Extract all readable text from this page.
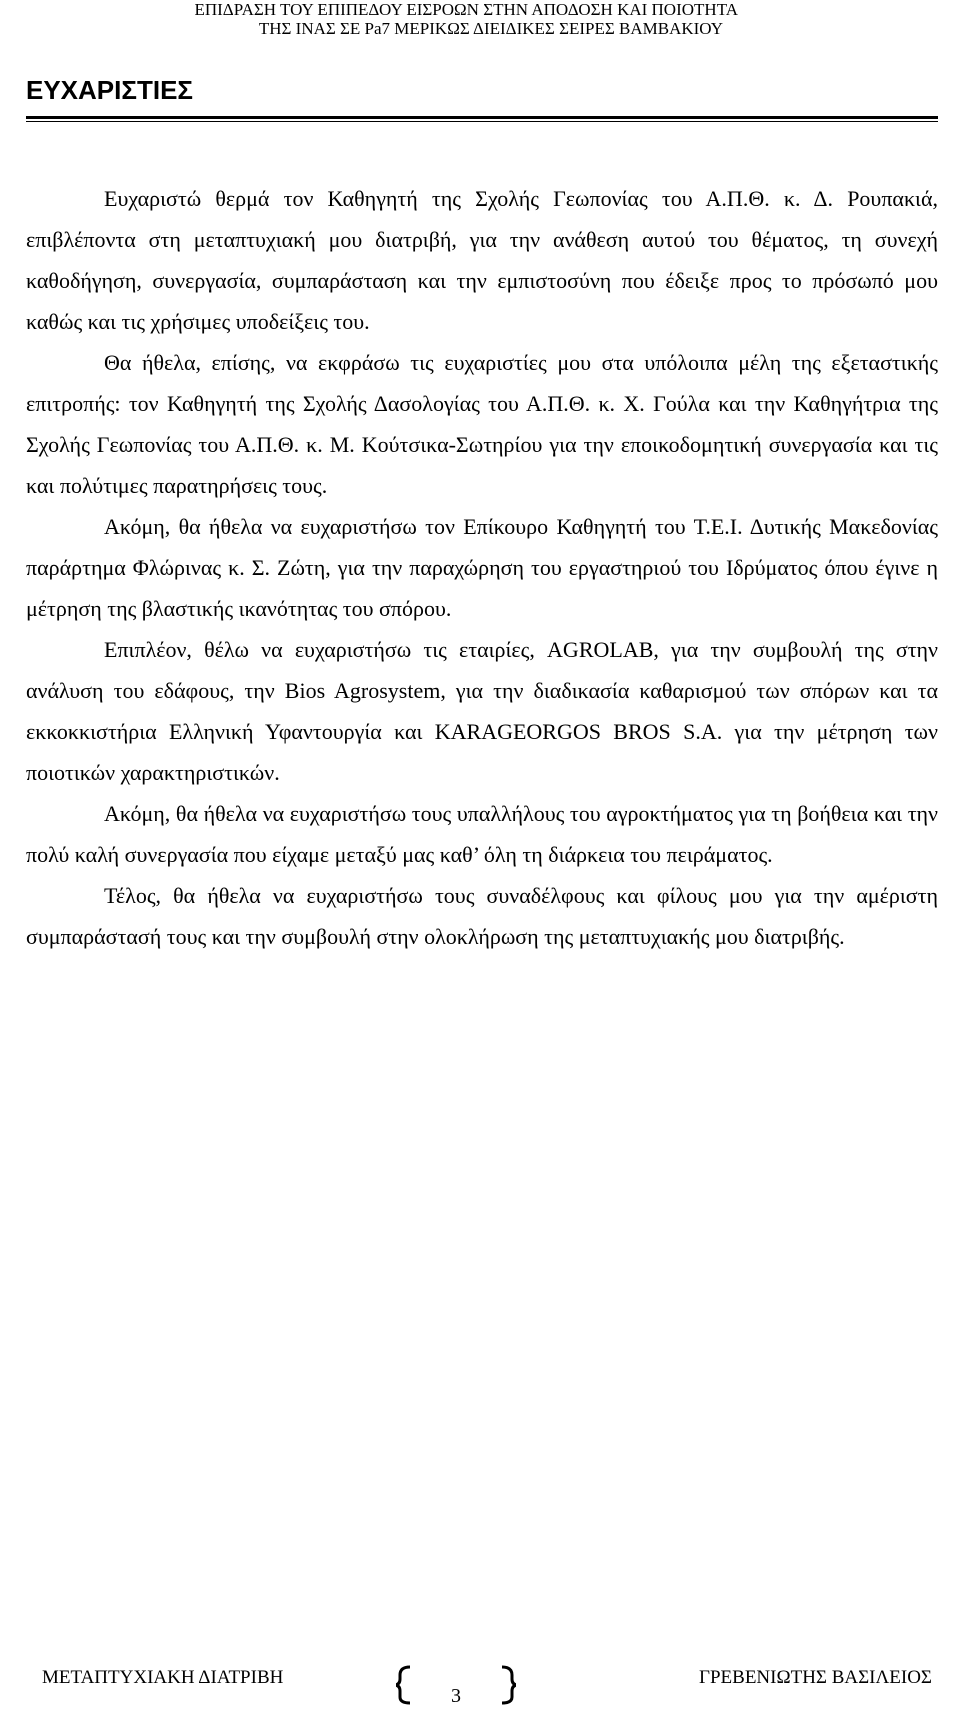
ΕΠΙΔΡΑΣΗ ΤΟΥ ΕΠΙΠΕΔΟΥ ΕΙΣΡΟΩΝ ΣΤΗΝ ΑΠΟΔΟΣΗ ΚΑΙ ΠΟΙΟΤΗΤΑ
ΤΗΣ ΙΝΑΣ ΣΕ Pa7 ΜΕΡΙΚΩΣ ΔΙΕΙΔΙΚΕΣ ΣΕΙΡΕΣ ΒΑΜΒΑΚΙΟΥ
ΕΥΧΑΡΙΣΤΙΕΣ

Ευχαριστώ θερμά τον Καθηγητή της Σχολής Γεωπονίας του Α.Π.Θ. κ. Δ. Ρουπακιά, επιβλέποντα στη μεταπτυχιακή μου διατριβή, για την ανάθεση αυτού του θέματος, τη συνεχή καθοδήγηση, συνεργασία, συμπαράσταση και την εμπιστοσύνη που έδειξε προς το πρόσωπό μου καθώς και τις χρήσιμες υποδείξεις του.

Θα ήθελα, επίσης, να εκφράσω τις ευχαριστίες μου στα υπόλοιπα μέλη της εξεταστικής επιτροπής: τον Καθηγητή της Σχολής Δασολογίας του Α.Π.Θ. κ. Χ. Γούλα και την Καθηγήτρια της Σχολής Γεωπονίας του Α.Π.Θ. κ. Μ. Κούτσικα-Σωτηρίου για την εποικοδομητική συνεργασία και τις και πολύτιμες παρατηρήσεις τους.

Ακόμη, θα ήθελα να ευχαριστήσω τον Επίκουρο Καθηγητή του Τ.Ε.Ι. Δυτικής Μακεδονίας παράρτημα Φλώρινας κ. Σ. Ζώτη, για την παραχώρηση του εργαστηριού του Ιδρύματος όπου έγινε η μέτρηση της βλαστικής ικανότητας του σπόρου.

Επιπλέον, θέλω να ευχαριστήσω τις εταιρίες, AGROLAB, για την συμβουλή της στην ανάλυση του εδάφους, την Bios Agrosystem, για την διαδικασία καθαρισμού των σπόρων και τα εκκοκκιστήρια Ελληνική Υφαντουργία και KARAGEORGOS BROS S.A. για την μέτρηση των ποιοτικών χαρακτηριστικών.

Ακόμη, θα ήθελα να ευχαριστήσω τους υπαλλήλους του αγροκτήματος για τη βοήθεια και την πολύ καλή συνεργασία που είχαμε μεταξύ μας καθ’ όλη τη διάρκεια του πειράματος.

Τέλος, θα ήθελα να ευχαριστήσω τους συναδέλφους και φίλους μου για την αμέριστη συμπαράστασή τους και την συμβουλή στην ολοκλήρωση της μεταπτυχιακής μου διατριβής.

ΜΕΤΑΠΤΥΧΙΑΚΗ ΔΙΑΤΡΙΒΗ
3
ΓΡΕΒΕΝΙΩΤΗΣ ΒΑΣΙΛΕΙΟΣ
